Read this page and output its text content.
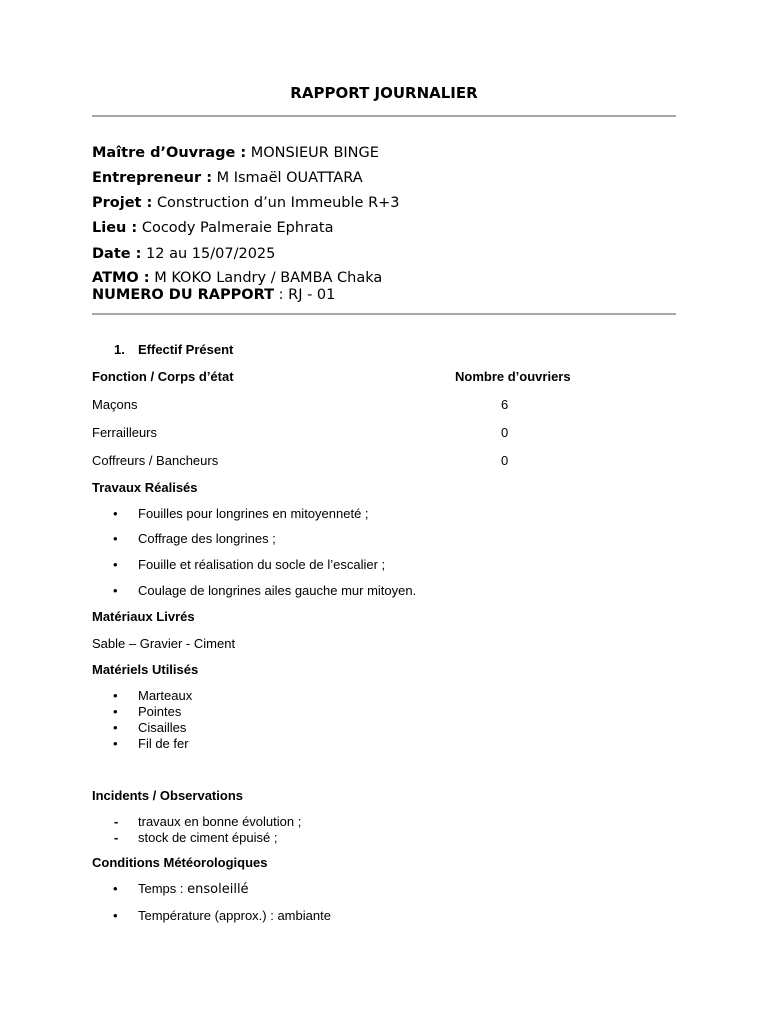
RAPPORT JOURNALIER
Maître d’Ouvrage : MONSIEUR BINGE
Entrepreneur : M Ismaël OUATTARA
Projet : Construction d’un Immeuble R+3
Lieu : Cocody Palmeraie Ephrata
Date : 12 au 15/07/2025
ATMO : M KOKO Landry / BAMBA Chaka
NUMERO DU RAPPORT : RJ - 01
1. Effectif Présent
Fonction / Corps d’état	Nombre d’ouvriers
Maçons	6
Ferrailleurs	0
Coffreurs / Bancheurs	0
Travaux Réalisés
•	Fouilles pour longrines en mitoyenneté ;
•	Coffrage des longrines ;
•	Fouille et réalisation du socle de l’escalier ;
•	Coulage de longrines ailes gauche mur mitoyen.
Matériaux Livrés
Sable – Gravier - Ciment
Matériels Utilisés
•	Marteaux
•	Pointes
•	Cisailles
•	Fil de fer
Incidents / Observations
-	travaux en bonne évolution ;
-	stock de ciment épuisé ;
Conditions Météorologiques
•	Temps : ensoleillé
•	Température (approx.) : ambiante
